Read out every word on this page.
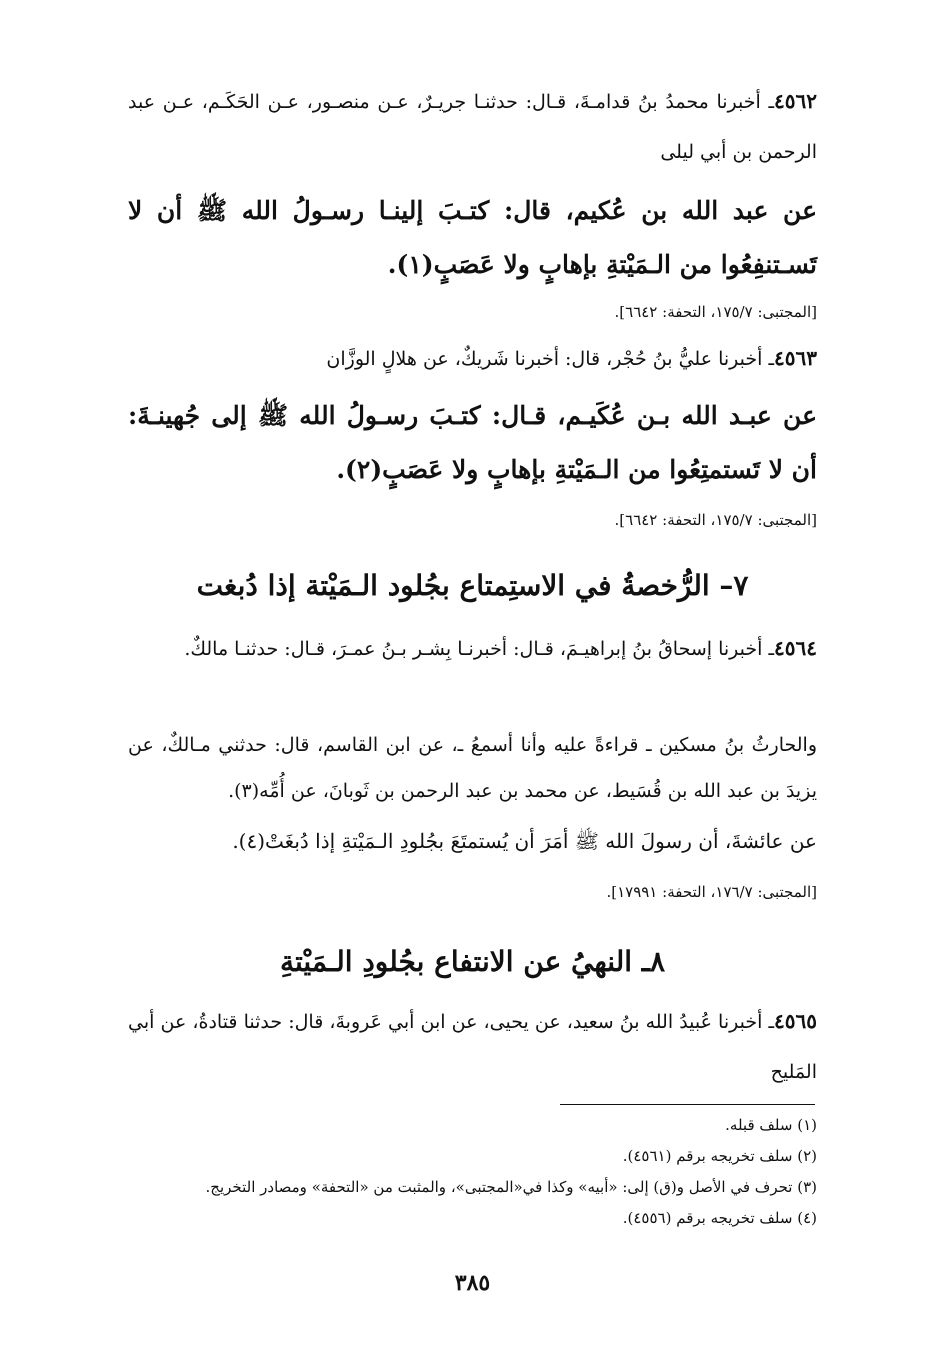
٤٥٦٢ـ أخبرنا محمدُ بنُ قدامـةَ، قـال: حدثنـا جريـرٌ، عـن منصـور، عـن الحَكَـم، عـن عبد الرحمن بن أبي ليلى
عن عبد الله بن عُكيم، قال: كتـبَ إلينـا رسـولُ الله ﷺ أن لا تَسـتنفِعُوا من الـمَيْتةِ بإهابٍ ولا عَصَبٍ(١).
[المجتبى: ١٧٥/٧، التحفة: ٦٦٤٢].
٤٥٦٣ـ أخبرنا عليُّ بنُ حُجْر، قال: أخبرنا شَريكٌ، عن هلالٍ الوزَّان
عن عبـد الله بـن عُكَيـم، قـال: كتـبَ رسـولُ الله ﷺ إلى جُهينـةَ: أن لا تَستمتِعُوا من الـمَيْتةِ بإهابٍ ولا عَصَبٍ(٢).
[المجتبى: ١٧٥/٧، التحفة: ٦٦٤٢].
٧– الرُّخصةُ في الاستِمتاع بجُلود الـمَيْتة إذا دُبغت
٤٥٦٤ـ أخبرنا إسحاقُ بنُ إبراهيـمَ، قـال: أخبرنـا بِشـر بـنُ عمـرَ، قـال: حدثنـا مالكٌ.
والحارثُ بنُ مسكين ـ قراءةً عليه وأنا أسمعُ ـ، عن ابن القاسم، قال: حدثني مـالكٌ، عن يزيدَ بن عبد الله بن قُسَيط، عن محمد بن عبد الرحمن بن ثَوبانَ، عن أُمِّه(٣).
عن عائشةَ، أن رسولَ الله ﷺ أمَرَ أن يُستمتَعَ بجُلودِ الـمَيْتةِ إذا دُبغَتْ(٤).
[المجتبى: ١٧٦/٧، التحفة: ١٧٩٩١].
٨ـ النهيُ عن الانتفاع بجُلودِ الـمَيْتةِ
٤٥٦٥ـ أخبرنا عُبيدُ الله بنُ سعيد، عن يحيى، عن ابن أبي عَروبةَ، قال: حدثنا قتادةُ، عن أبي المَليح
(١) سلف قبله.
(٢) سلف تخريجه برقم (٤٥٦١).
(٣) تحرف في الأصل و(ق) إلى: «أبيه» وكذا في«المجتبى»، والمثبت من «التحفة» ومصادر التخريج.
(٤) سلف تخريجه برقم (٤٥٥٦).
٣٨٥
